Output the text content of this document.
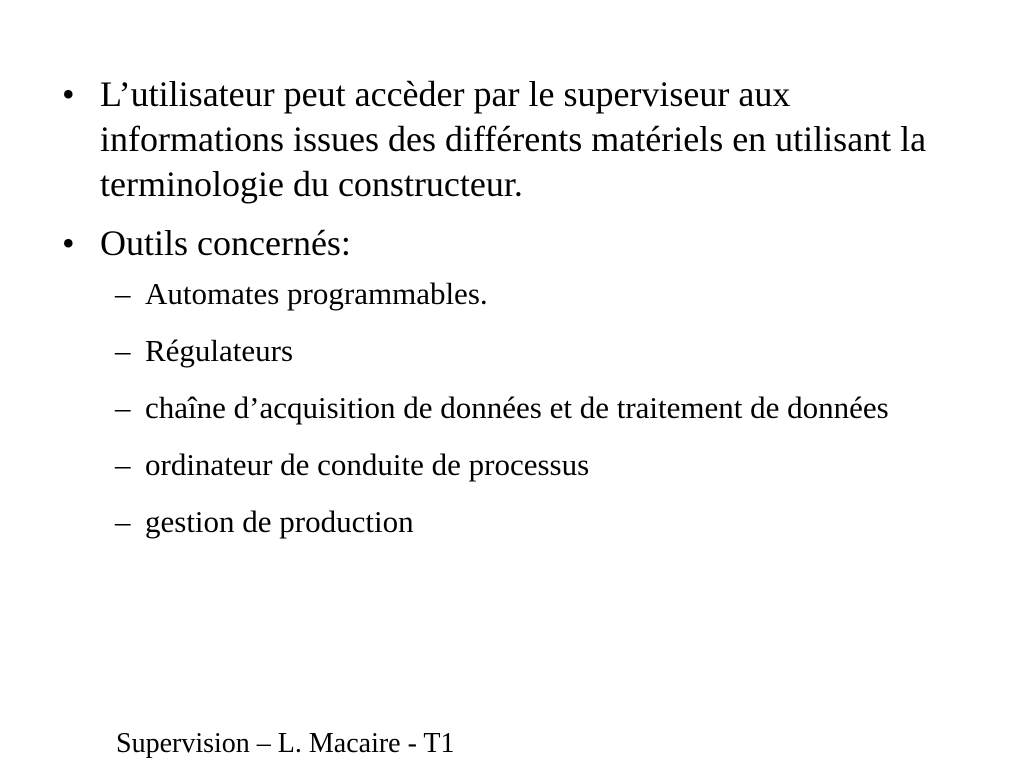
• L’utilisateur peut accèder par le superviseur aux informations issues des différents matériels en utilisant la terminologie du constructeur.
• Outils concernés:
– Automates programmables.
– Régulateurs
– chaîne d’acquisition de données et de traitement de données
– ordinateur de conduite de processus
– gestion de production
Supervision – L. Macaire - T1
